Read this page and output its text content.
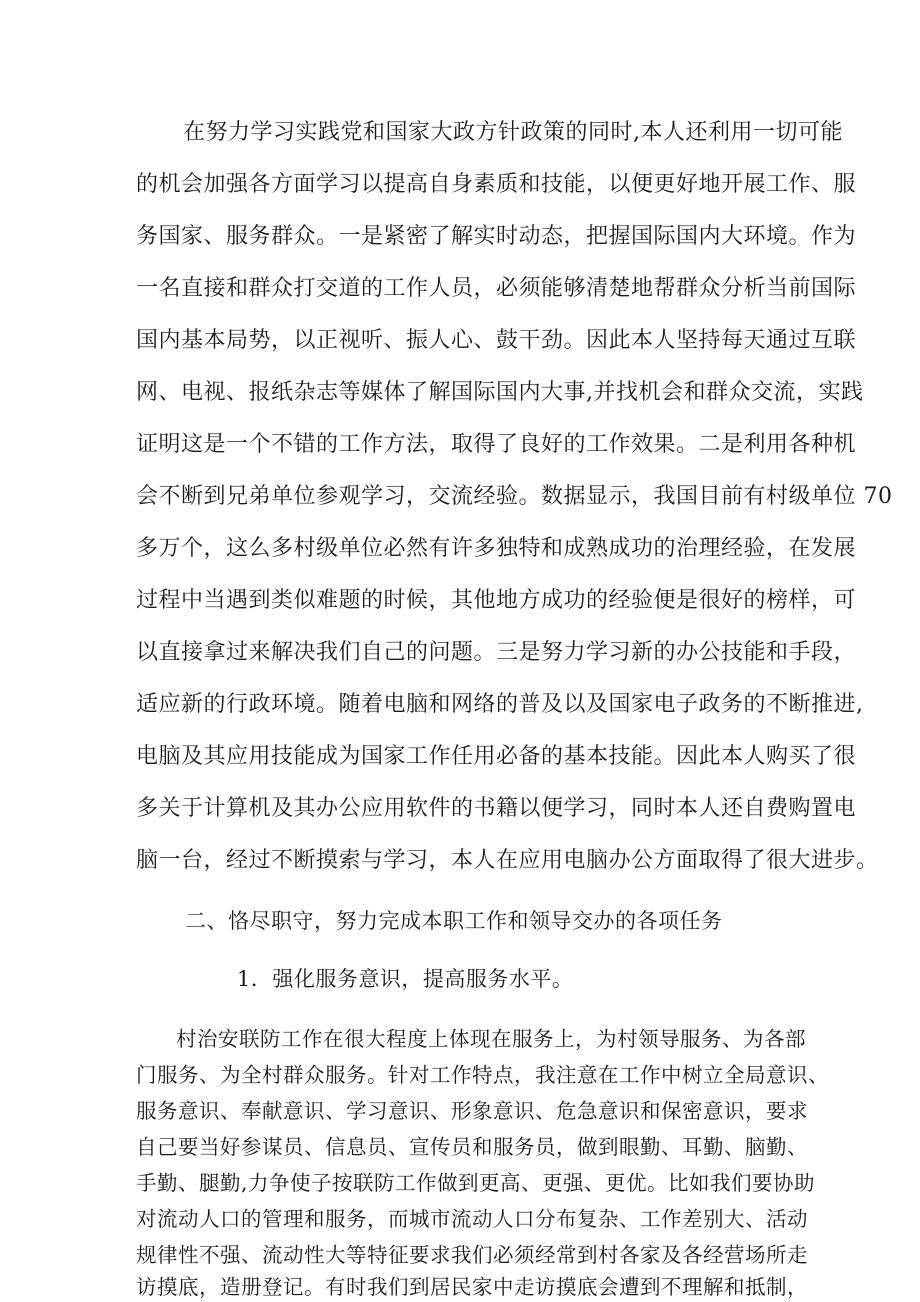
在努力学习实践党和国家大政方针政策的同时,本人还利用一切可能
的机会加强各方面学习以提高自身素质和技能，以便更好地开展工作、服
务国家、服务群众。一是紧密了解实时动态，把握国际国内大环境。作为
一名直接和群众打交道的工作人员，必须能够清楚地帮群众分析当前国际
国内基本局势，以正视听、振人心、鼓干劲。因此本人坚持每天通过互联
网、电视、报纸杂志等媒体了解国际国内大事,并找机会和群众交流，实践
证明这是一个不错的工作方法，取得了良好的工作效果。二是利用各种机
会不断到兄弟单位参观学习，交流经验。数据显示，我国目前有村级单位 70
多万个，这么多村级单位必然有许多独特和成熟成功的治理经验，在发展
过程中当遇到类似难题的时候，其他地方成功的经验便是很好的榜样，可
以直接拿过来解决我们自己的问题。三是努力学习新的办公技能和手段，
适应新的行政环境。随着电脑和网络的普及以及国家电子政务的不断推进,
电脑及其应用技能成为国家工作任用必备的基本技能。因此本人购买了很
多关于计算机及其办公应用软件的书籍以便学习，同时本人还自费购置电
脑一台，经过不断摸索与学习，本人在应用电脑办公方面取得了很大进步。
二、恪尽职守，努力完成本职工作和领导交办的各项任务
1．强化服务意识，提高服务水平。
村治安联防工作在很大程度上体现在服务上，为村领导服务、为各部
门服务、为全村群众服务。针对工作特点，我注意在工作中树立全局意识、
服务意识、奉献意识、学习意识、形象意识、危急意识和保密意识，要求
自己要当好参谋员、信息员、宣传员和服务员，做到眼勤、耳勤、脑勤、
手勤、腿勤,力争使子按联防工作做到更高、更强、更优。比如我们要协助
对流动人口的管理和服务，而城市流动人口分布复杂、工作差别大、活动
规律性不强、流动性大等特征要求我们必须经常到村各家及各经营场所走
访摸底，造册登记。有时我们到居民家中走访摸底会遭到不理解和抵制，
